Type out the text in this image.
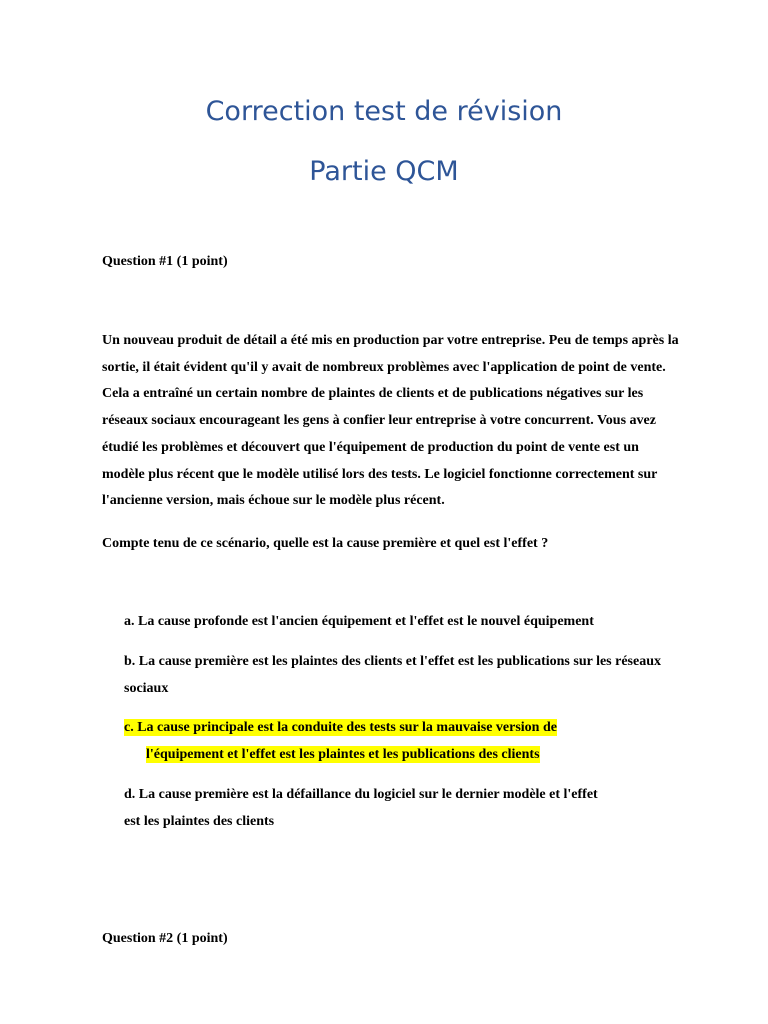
Correction test de révision
Partie QCM

Question #1 (1 point)

Un nouveau produit de détail a été mis en production par votre entreprise. Peu de temps après la sortie, il était évident qu'il y avait de nombreux problèmes avec l'application de point de vente. Cela a entraîné un certain nombre de plaintes de clients et de publications négatives sur les réseaux sociaux encourageant les gens à confier leur entreprise à votre concurrent. Vous avez étudié les problèmes et découvert que l'équipement de production du point de vente est un modèle plus récent que le modèle utilisé lors des tests. Le logiciel fonctionne correctement sur l'ancienne version, mais échoue sur le modèle plus récent.

Compte tenu de ce scénario, quelle est la cause première et quel est l'effet ?

a. La cause profonde est l'ancien équipement et l'effet est le nouvel équipement

b. La cause première est les plaintes des clients et l'effet est les publications sur les réseaux sociaux

c. La cause principale est la conduite des tests sur la mauvaise version de
l'équipement et l'effet est les plaintes et les publications des clients

d. La cause première est la défaillance du logiciel sur le dernier modèle et l'effet est les plaintes des clients

Question #2 (1 point)
